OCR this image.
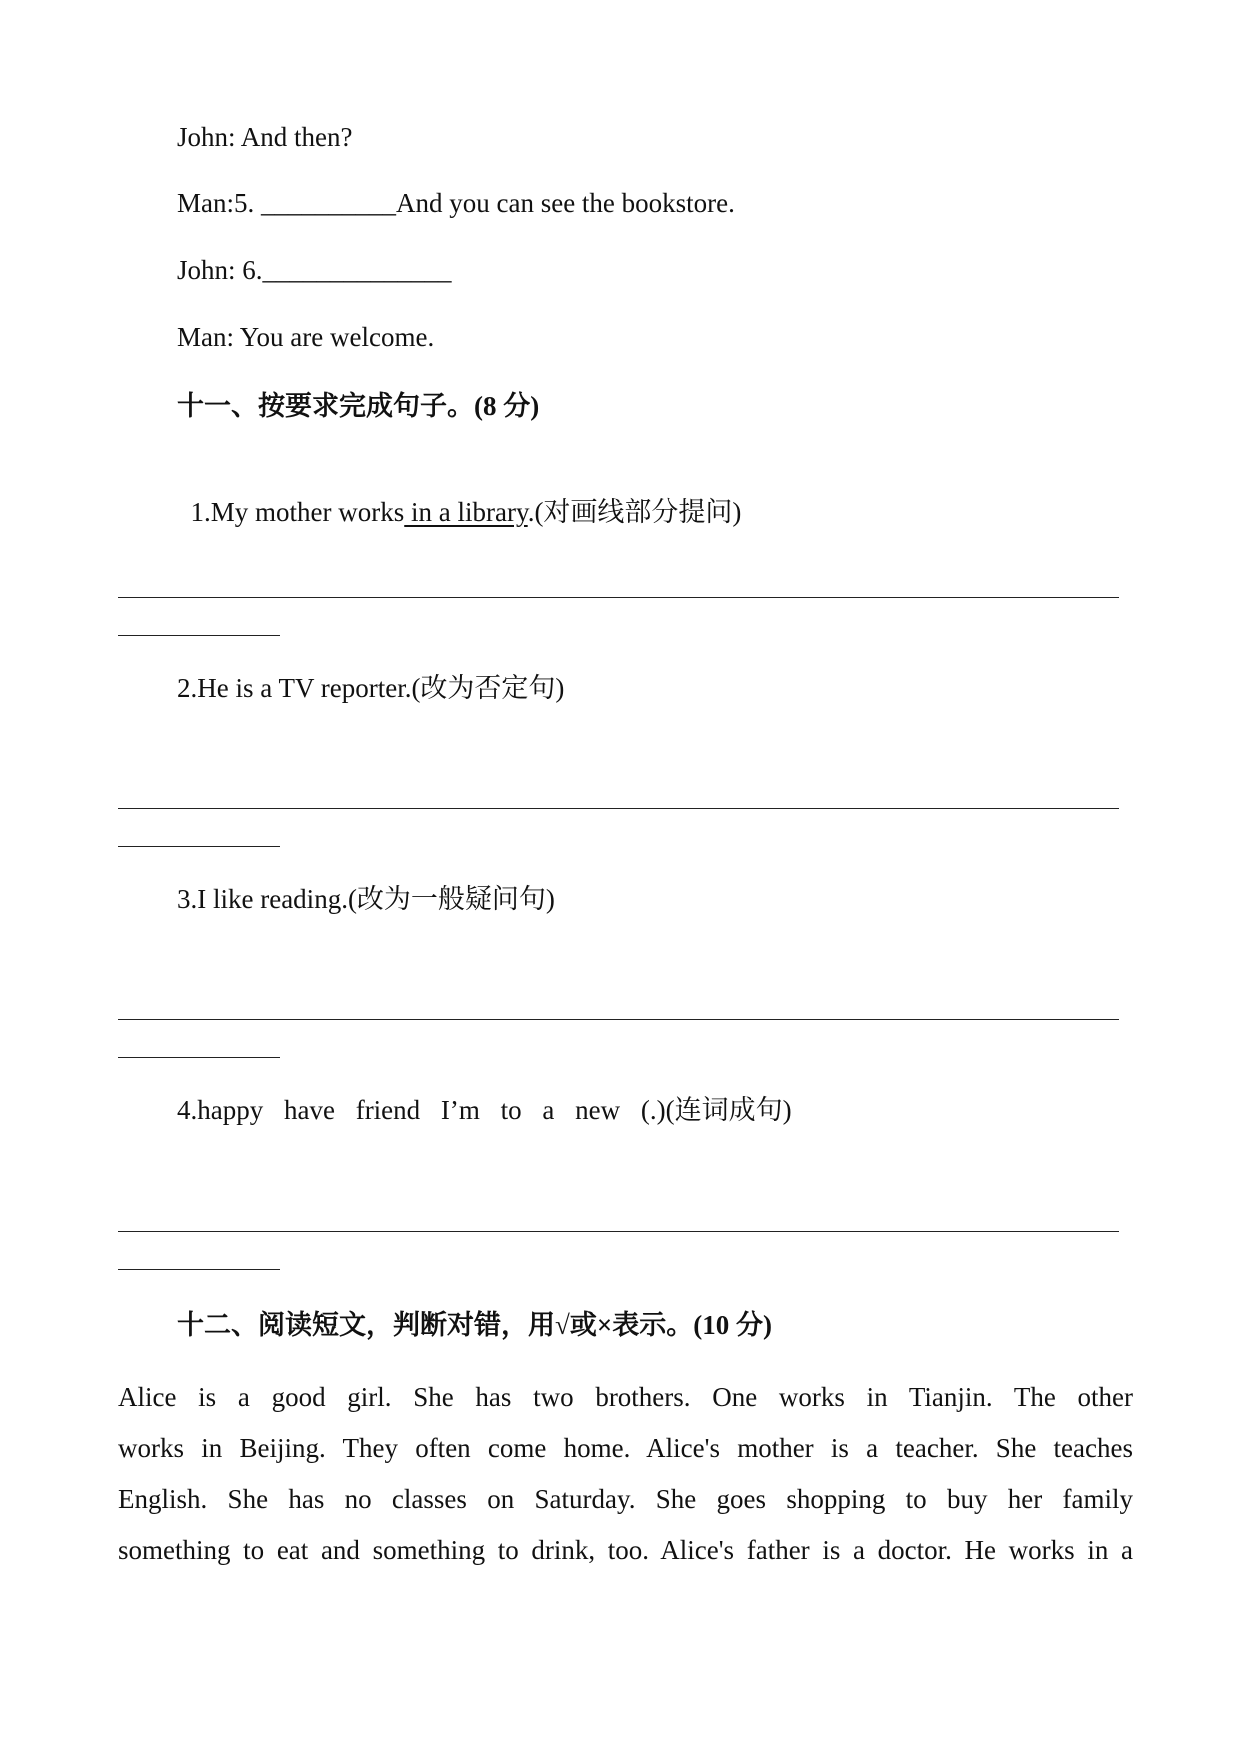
John: And then?
Man:5. __________And you can see the bookstore.
John: 6.______________
Man: You are welcome.
十一、按要求完成句子。(8 分)

1.My mother works in a library.(对画线部分提问)

2.He is a TV reporter.(改为否定句)
3.I like reading.(改为一般疑问句)
4.happy have friend I’m to a new (.)(连词成句)
十二、阅读短文，判断对错，用√或×表示。(10 分)
Alice is a good girl. She has two brothers. One works in Tianjin. The other
works in Beijing. They often come home. Alice's mother is a teacher. She teaches
English. She has no classes on Saturday. She goes shopping to buy her family
something to eat and something to drink, too. Alice's father is a doctor. He works in a
